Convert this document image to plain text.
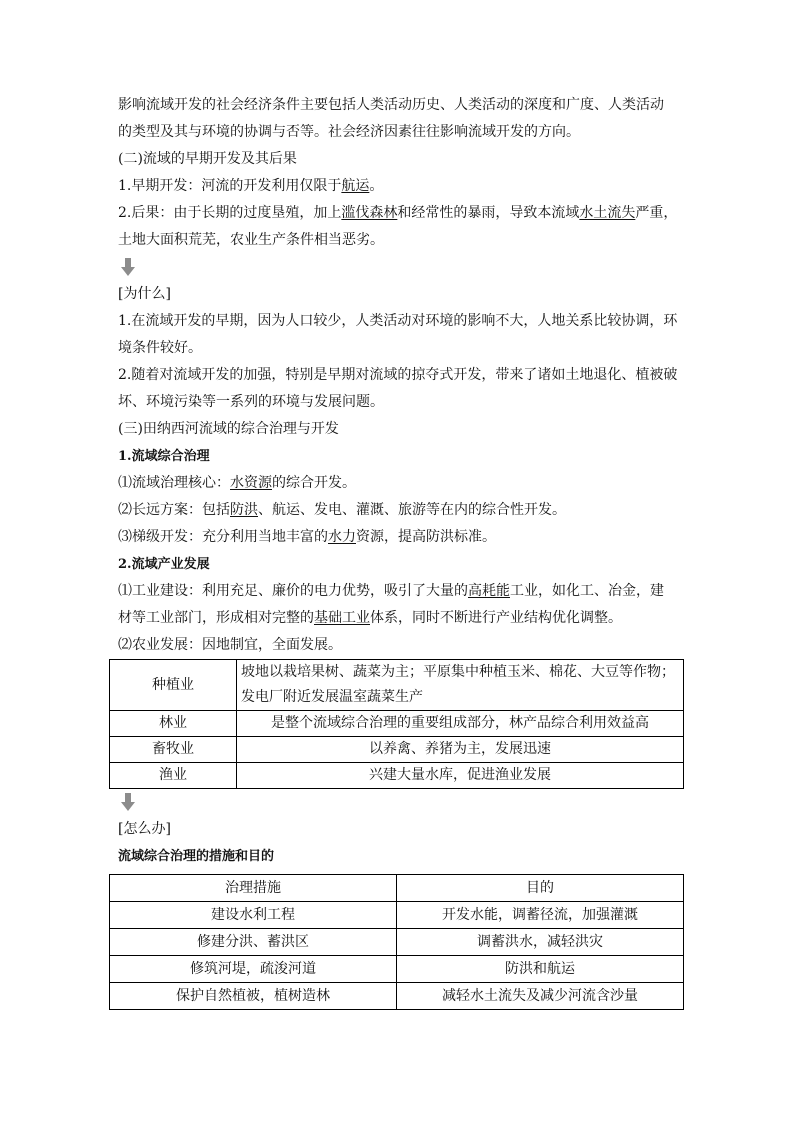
影响流域开发的社会经济条件主要包括人类活动历史、人类活动的深度和广度、人类活动
的类型及其与环境的协调与否等。社会经济因素往往影响流域开发的方向。
(二)流域的早期开发及其后果
1.早期开发：河流的开发利用仅限于航运。
2.后果：由于长期的过度垦殖，加上滥伐森林和经常性的暴雨，导致本流域水土流失严重，
土地大面积荒芜，农业生产条件相当恶劣。
[为什么]
1.在流域开发的早期，因为人口较少，人类活动对环境的影响不大，人地关系比较协调，环
境条件较好。
2.随着对流域开发的加强，特别是早期对流域的掠夺式开发，带来了诸如土地退化、植被破
坏、环境污染等一系列的环境与发展问题。
(三)田纳西河流域的综合治理与开发
1.流域综合治理
⑴流域治理核心：水资源的综合开发。
⑵长远方案：包括防洪、航运、发电、灌溉、旅游等在内的综合性开发。
⑶梯级开发：充分利用当地丰富的水力资源，提高防洪标准。
2.流域产业发展
⑴工业建设：利用充足、廉价的电力优势，吸引了大量的高耗能工业，如化工、冶金，建
材等工业部门，形成相对完整的基础工业体系，同时不断进行产业结构优化调整。
⑵农业发展：因地制宜，全面发展。
种植业	坡地以栽培果树、蔬菜为主；平原集中种植玉米、棉花、大豆等作物；
发电厂附近发展温室蔬菜生产

林业	是整个流域综合治理的重要组成部分，林产品综合利用效益高
畜牧业	以养禽、养猪为主，发展迅速
渔业	兴建大量水库，促进渔业发展
[怎么办]
流域综合治理的措施和目的
治理措施	目的
建设水利工程	开发水能，调蓄径流，加强灌溉
修建分洪、蓄洪区	调蓄洪水，减轻洪灾
修筑河堤，疏浚河道	防洪和航运
保护自然植被，植树造林	减轻水土流失及减少河流含沙量
